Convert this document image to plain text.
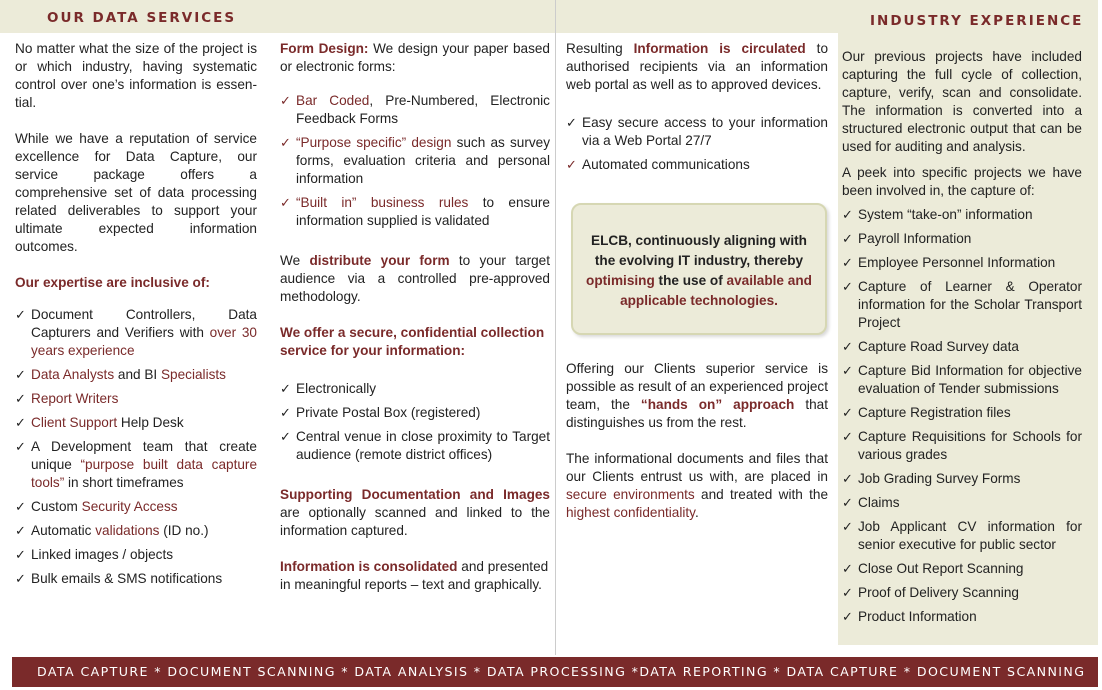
OUR DATA SERVICES	INDUSTRY EXPERIENCE

No matter what the size of the project is or which industry, having systematic control over one’s information is essen-tial.

While we have a reputation of service excellence for Data Capture, our service package offers a comprehensive set of data processing related deliverables to support your ultimate expected information outcomes.

Our expertise are inclusive of:
✓ Document Controllers, Data Capturers and Verifiers with over 30 years experience
✓ Data Analysts and BI Specialists
✓ Report Writers
✓ Client Support Help Desk
✓ A Development team that create unique “purpose built data capture tools” in short timeframes
✓ Custom Security Access
✓ Automatic validations (ID no.)
✓ Linked images / objects
✓ Bulk emails & SMS notifications

Form Design: We design your paper based or electronic forms:

✓ Bar Coded, Pre-Numbered, Electronic Feedback Forms
✓ “Purpose specific” design such as survey forms, evaluation criteria and personal information
✓ “Built in” business rules to ensure information supplied is validated

We distribute your form to your target audience via a controlled pre-approved methodology.

We offer a secure, confidential collection service for your information:
✓ Electronically
✓ Private Postal Box (registered)
✓ Central venue in close proximity to Target audience (remote district offices)

Supporting Documentation and Images are optionally scanned and linked to the information captured.

Information is consolidated and presented in meaningful reports – text and graphically.

Resulting Information is circulated to authorised recipients via an information web portal as well as to approved devices.

✓ Easy secure access to your information via a Web Portal 27/7
✓ Automated communications
ELCB, continuously aligning with the evolving IT industry, thereby optimising the use of available and applicable technologies.

Offering our Clients superior service is possible as result of an experienced project team, the “hands on” approach that distinguishes us from the rest.

The informational documents and files that our Clients entrust us with, are placed in secure environments and treated with the highest confidentiality.

Our previous projects have included capturing the full cycle of collection, capture, verify, scan and consolidate. The information is converted into a structured electronic output that can be used for auditing and analysis.

A peek into specific projects we have been involved in, the capture of:

✓ System “take-on” information
✓ Payroll Information
✓ Employee Personnel Information
✓ Capture of Learner & Operator information for the Scholar Transport Project
✓ Capture Road Survey data
✓ Capture Bid Information for objective evaluation of Tender submissions
✓ Capture Registration files
✓ Capture Requisitions for Schools for various grades
✓ Job Grading Survey Forms
✓ Claims
✓ Job Applicant CV information for senior executive for public sector
✓ Close Out Report Scanning
✓ Proof of Delivery Scanning
✓ Product Information
DATA CAPTURE * DOCUMENT SCANNING * DATA ANALYSIS * DATA PROCESSING *DATA REPORTING * DATA CAPTURE * DOCUMENT SCANNING
